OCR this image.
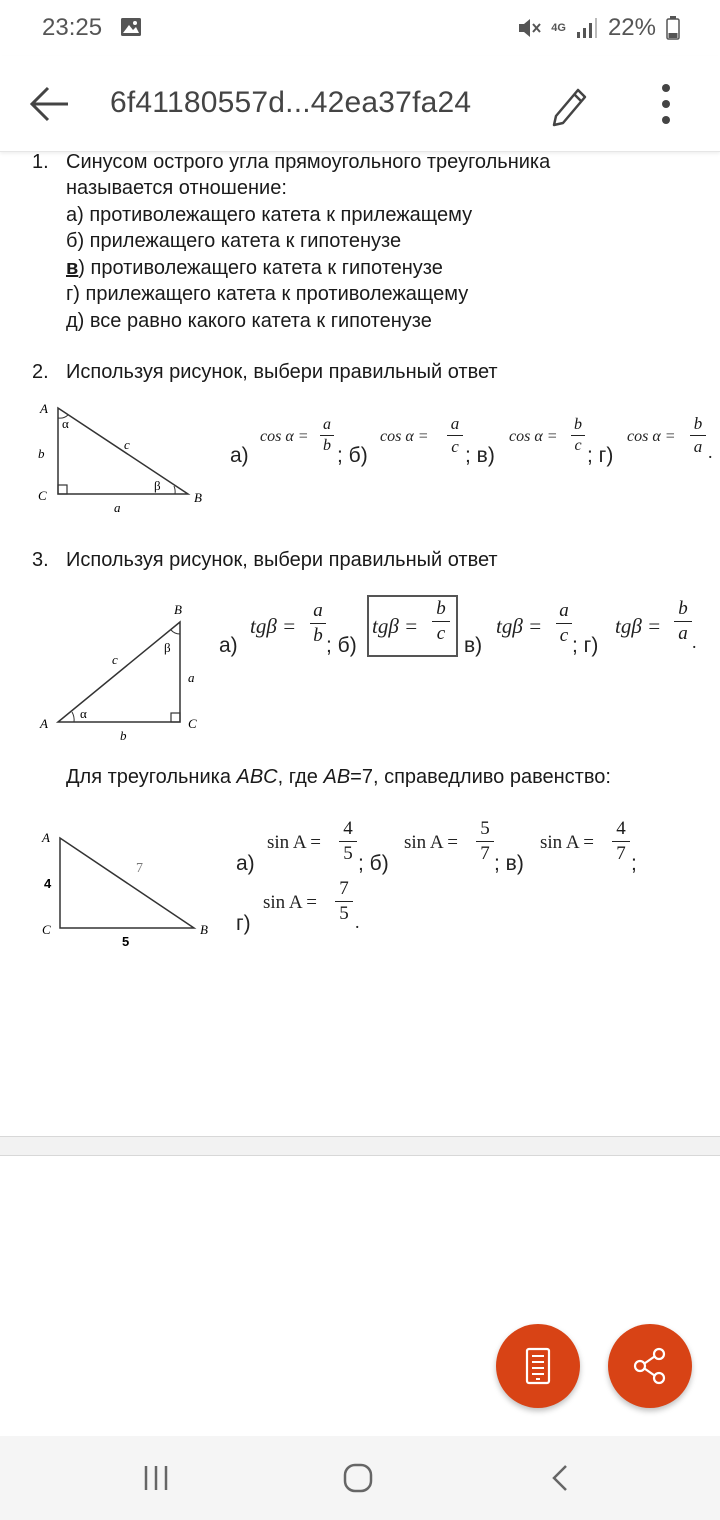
23:25	4G 22%
6f41180557d...42ea37fa24
1. Синусом острого угла прямоугольного треугольника
называется отношение:
а) противолежащего катета к прилежащему
б) прилежащего катета к гипотенузе
в) противолежащего катета к гипотенузе
г) прилежащего катета к противолежащему
д) все равно какого катета к гипотенузе
2. Используя рисунок, выбери правильный ответ
A
α
b
c
C
β
B
a
а)
cos α =
a
b ; б)
cos α =
a
c ; в)
cos α =
b
c ; г)
cos α =
b
a .
3. Используя рисунок, выбери правильный ответ
B
β
c
a
A
α
C
b
а)
tgβ =
a
b ; б)
tgβ =
b
c
в)
tgβ =
a
c ; г)
tgβ =
b
a .
Для треугольника ABC, где AB=7, справедливо равенство:
A
4
7
C	B
5
а)
sin A =
4
5 ; б)
sin A =
5
7 ; в)
sin A =
4
7 ;
г)
sin A =
7
5 .
